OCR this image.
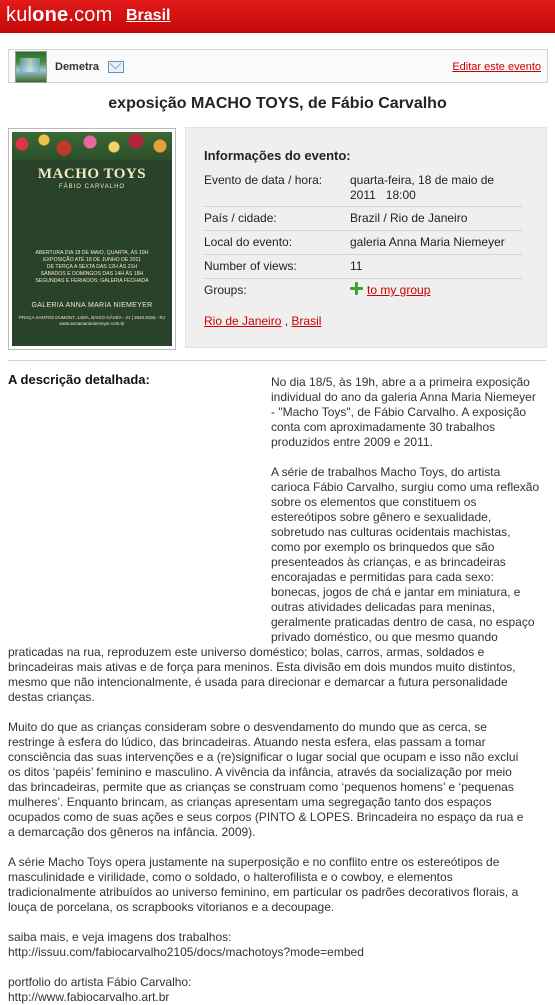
kulone.com Brasil
Demetra	Editar este evento
exposição MACHO TOYS, de Fábio Carvalho
MACHO TOYS
FÁBIO CARVALHO
ABERTURA DIA 18 DE MAIO, QUARTA, ÀS 19H
EXPOSIÇÃO ATÉ 18 DE JUNHO DE 2011
DE TERÇA A SEXTA DAS 12H ÀS 21H
SÁBADOS E DOMINGOS DAS 14H ÀS 18H
SEGUNDAS E FERIADOS: GALERIA FECHADA
GALERIA ANNA MARIA NIEMEYER
PRAÇA SANTOS DUMONT, 140/A, BAIXO GÁVEA - 21 | 2540.8155 - RJ
www.annamarianiemeyer.com.br
Informações do evento:
Evento de data / hora: quarta-feira, 18 de maio de
2011   18:00
País / cidade:	Brazil / Rio de Janeiro
Local do evento:	galeria Anna Maria Niemeyer
Number of views:	11
Groups:	to my group
Rio de Janeiro , Brasil
A descrição detalhada:	No dia 18/5, às 19h, abre a a primeira exposição
individual do ano da galeria Anna Maria Niemeyer
- "Macho Toys", de Fábio Carvalho. A exposição
conta com aproximadamente 30 trabalhos
produzidos entre 2009 e 2011.

A série de trabalhos Macho Toys, do artista
carioca Fábio Carvalho, surgiu como uma reflexão
sobre os elementos que constituem os
estereótipos sobre gênero e sexualidade,
sobretudo nas culturas ocidentais machistas,
como por exemplo os brinquedos que são
presenteados às crianças, e as brincadeiras
encorajadas e permitidas para cada sexo:
bonecas, jogos de chá e jantar em miniatura, e
outras atividades delicadas para meninas,
geralmente praticadas dentro de casa, no espaço
privado doméstico, ou que mesmo quando

praticadas na rua, reproduzem este universo doméstico; bolas, carros, armas, soldados e
brincadeiras mais ativas e de força para meninos. Esta divisão em dois mundos muito distintos,
mesmo que não intencionalmente, é usada para direcionar e demarcar a futura personalidade
destas crianças.

Muito do que as crianças consideram sobre o desvendamento do mundo que as cerca, se
restringe à esfera do lúdico, das brincadeiras. Atuando nesta esfera, elas passam a tomar
consciência das suas intervenções e a (re)significar o lugar social que ocupam e isso não exclui
os ditos ‘papéis’ feminino e masculino. A vivência da infância, através da socialização por meio
das brincadeiras, permite que as crianças se construam como ‘pequenos homens’ e ‘pequenas
mulheres’. Enquanto brincam, as crianças apresentam uma segregação tanto dos espaços
ocupados como de suas ações e seus corpos (PINTO & LOPES. Brincadeira no espaço da rua e
a demarcação dos gêneros na infância. 2009).

A série Macho Toys opera justamente na superposição e no conflito entre os estereótipos de
masculinidade e virilidade, como o soldado, o halterofilista e o cowboy, e elementos
tradicionalmente atribuídos ao universo feminino, em particular os padrões decorativos florais, a
louça de porcelana, os scrapbooks vitorianos e a decoupage.

saiba mais, e veja imagens dos trabalhos:
http://issuu.com/fabiocarvalho2105/docs/machotoys?mode=embed

portfolio do artista Fábio Carvalho:
http://www.fabiocarvalho.art.br
